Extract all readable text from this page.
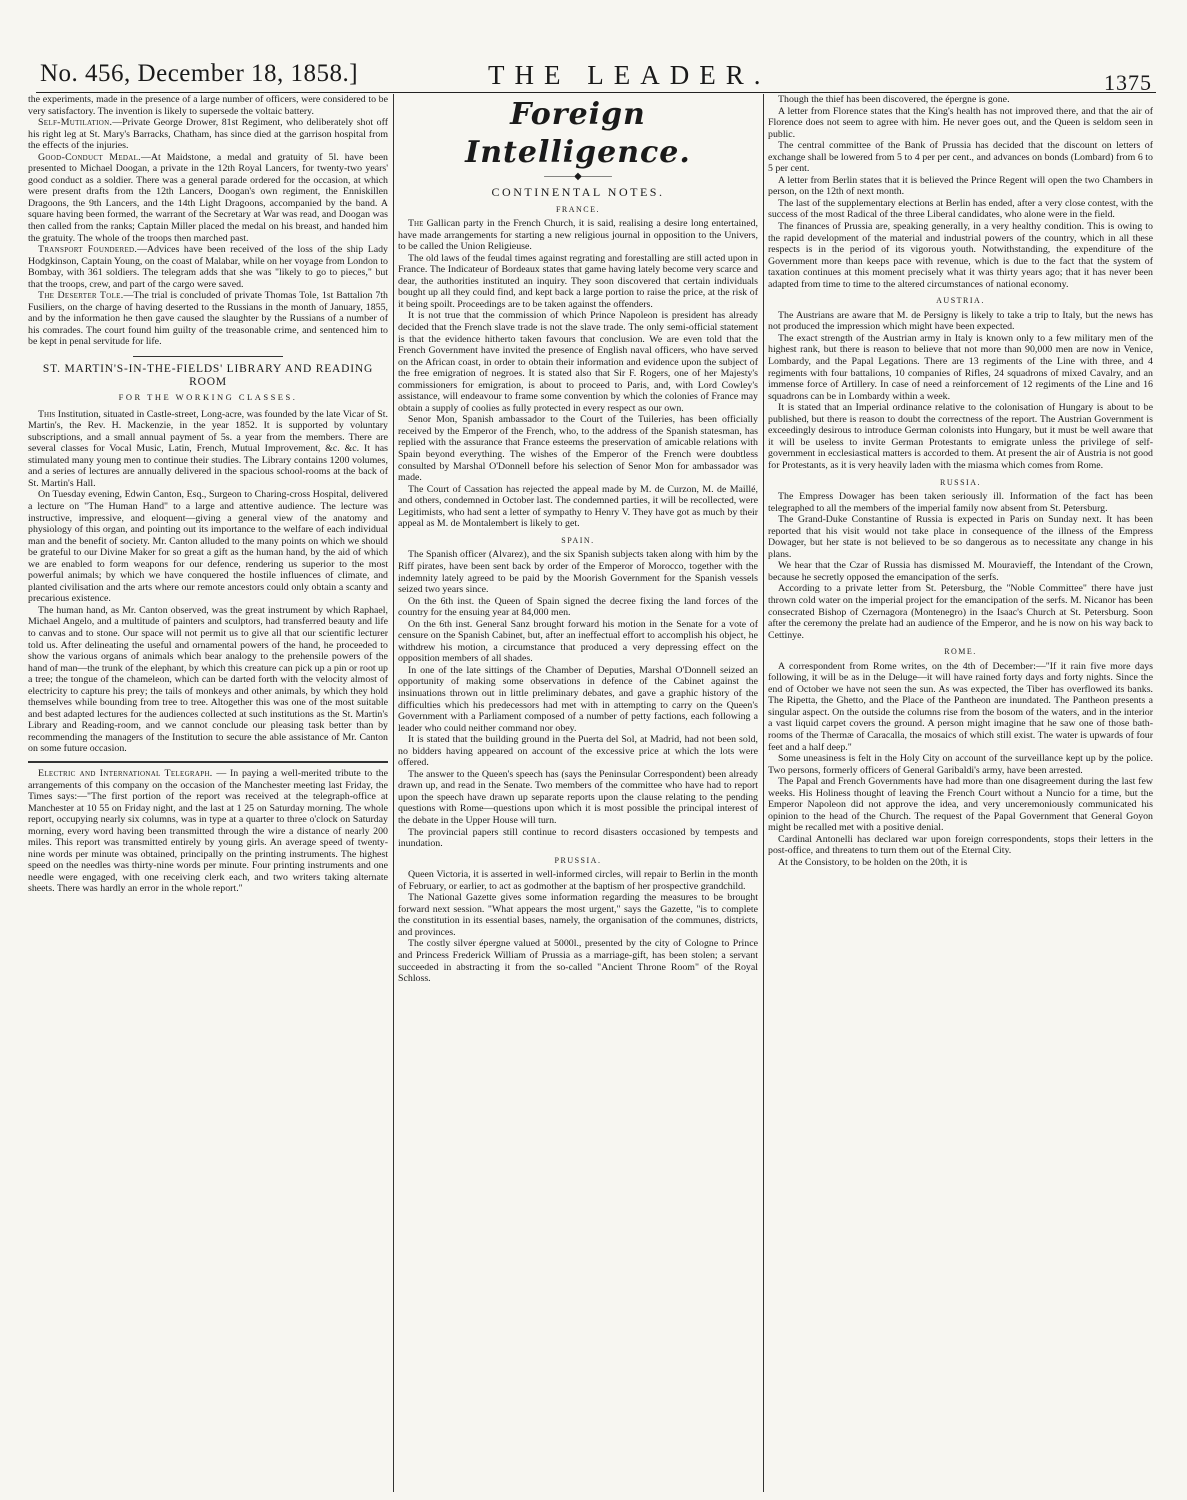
No. 456, December 18, 1858.]	THE LEADER.	1375

the experiments, made in the presence of a large number of officers, were considered to be very satisfactory. The invention is likely to supersede the voltaic battery.

Self-Mutilation.—Private George Drower, 81st Regiment, who deliberately shot off his right leg at St. Mary's Barracks, Chatham, has since died at the garrison hospital from the effects of the injuries.

Good-Conduct Medal.—At Maidstone, a medal and gratuity of 5l. have been presented to Michael Doogan, a private in the 12th Royal Lancers, for twenty-two years' good conduct as a soldier. There was a general parade ordered for the occasion, at which were present drafts from the 12th Lancers, Doogan's own regiment, the Enniskillen Dragoons, the 9th Lancers, and the 14th Light Dragoons, accompanied by the band. A square having been formed, the warrant of the Secretary at War was read, and Doogan was then called from the ranks; Captain Miller placed the medal on his breast, and handed him the gratuity. The whole of the troops then marched past.

Transport Foundered.—Advices have been received of the loss of the ship Lady Hodgkinson, Captain Young, on the coast of Malabar, while on her voyage from London to Bombay, with 361 soldiers. The telegram adds that she was "likely to go to pieces," but that the troops, crew, and part of the cargo were saved.

The Deserter Tole.—The trial is concluded of private Thomas Tole, 1st Battalion 7th Fusiliers, on the charge of having deserted to the Russians in the month of January, 1855, and by the information he then gave caused the slaughter by the Russians of a number of his comrades. The court found him guilty of the treasonable crime, and sentenced him to be kept in penal servitude for life.

ST. MARTIN'S-IN-THE-FIELDS' LIBRARY AND READING ROOM
FOR THE WORKING CLASSES.

This Institution, situated in Castle-street, Long-acre, was founded by the late Vicar of St. Martin's, the Rev. H. Mackenzie, in the year 1852. It is supported by voluntary subscriptions, and a small annual payment of 5s. a year from the members. There are several classes for Vocal Music, Latin, French, Mutual Improvement, &c. &c. It has stimulated many young men to continue their studies. The Library contains 1200 volumes, and a series of lectures are annually delivered in the spacious school-rooms at the back of St. Martin's Hall.

On Tuesday evening, Edwin Canton, Esq., Surgeon to Charing-cross Hospital, delivered a lecture on "The Human Hand" to a large and attentive audience. The lecture was instructive, impressive, and eloquent—giving a general view of the anatomy and physiology of this organ, and pointing out its importance to the welfare of each individual man and the benefit of society. Mr. Canton alluded to the many points on which we should be grateful to our Divine Maker for so great a gift as the human hand, by the aid of which we are enabled to form weapons for our defence, rendering us superior to the most powerful animals; by which we have conquered the hostile influences of climate, and planted civilisation and the arts where our remote ancestors could only obtain a scanty and precarious existence.

The human hand, as Mr. Canton observed, was the great instrument by which Raphael, Michael Angelo, and a multitude of painters and sculptors, had transferred beauty and life to canvas and to stone. Our space will not permit us to give all that our scientific lecturer told us. After delineating the useful and ornamental powers of the hand, he proceeded to show the various organs of animals which bear analogy to the prehensile powers of the hand of man—the trunk of the elephant, by which this creature can pick up a pin or root up a tree; the tongue of the chameleon, which can be darted forth with the velocity almost of electricity to capture his prey; the tails of monkeys and other animals, by which they hold themselves while bounding from tree to tree. Altogether this was one of the most suitable and best adapted lectures for the audiences collected at such institutions as the St. Martin's Library and Reading-room, and we cannot conclude our pleasing task better than by recommending the managers of the Institution to secure the able assistance of Mr. Canton on some future occasion.

Electric and International Telegraph. — In paying a well-merited tribute to the arrangements of this company on the occasion of the Manchester meeting last Friday, the Times says:—"The first portion of the report was received at the telegraph-office at Manchester at 10 55 on Friday night, and the last at 1 25 on Saturday morning. The whole report, occupying nearly six columns, was in type at a quarter to three o'clock on Saturday morning, every word having been transmitted through the wire a distance of nearly 200 miles. This report was transmitted entirely by young girls. An average speed of twenty-nine words per minute was obtained, principally on the printing instruments. The highest speed on the needles was thirty-nine words per minute. Four printing instruments and one needle were engaged, with one receiving clerk each, and two writers taking alternate sheets. There was hardly an error in the whole report."

Foreign Intelligence.
———◆———
CONTINENTAL NOTES.
FRANCE.

The Gallican party in the French Church, it is said, realising a desire long entertained, have made arrangements for starting a new religious journal in opposition to the Univers, to be called the Union Religieuse.

The old laws of the feudal times against regrating and forestalling are still acted upon in France. The Indicateur of Bordeaux states that game having lately become very scarce and dear, the authorities instituted an inquiry. They soon discovered that certain individuals bought up all they could find, and kept back a large portion to raise the price, at the risk of it being spoilt. Proceedings are to be taken against the offenders.

It is not true that the commission of which Prince Napoleon is president has already decided that the French slave trade is not the slave trade. The only semi-official statement is that the evidence hitherto taken favours that conclusion. We are even told that the French Government have invited the presence of English naval officers, who have served on the African coast, in order to obtain their information and evidence upon the subject of the free emigration of negroes. It is stated also that Sir F. Rogers, one of her Majesty's commissioners for emigration, is about to proceed to Paris, and, with Lord Cowley's assistance, will endeavour to frame some convention by which the colonies of France may obtain a supply of coolies as fully protected in every respect as our own.

Senor Mon, Spanish ambassador to the Court of the Tuileries, has been officially received by the Emperor of the French, who, to the address of the Spanish statesman, has replied with the assurance that France esteems the preservation of amicable relations with Spain beyond everything. The wishes of the Emperor of the French were doubtless consulted by Marshal O'Donnell before his selection of Senor Mon for ambassador was made.

The Court of Cassation has rejected the appeal made by M. de Curzon, M. de Maillé, and others, condemned in October last. The condemned parties, it will be recollected, were Legitimists, who had sent a letter of sympathy to Henry V. They have got as much by their appeal as M. de Montalembert is likely to get.

SPAIN.

The Spanish officer (Alvarez), and the six Spanish subjects taken along with him by the Riff pirates, have been sent back by order of the Emperor of Morocco, together with the indemnity lately agreed to be paid by the Moorish Government for the Spanish vessels seized two years since.

On the 6th inst. the Queen of Spain signed the decree fixing the land forces of the country for the ensuing year at 84,000 men.

On the 6th inst. General Sanz brought forward his motion in the Senate for a vote of censure on the Spanish Cabinet, but, after an ineffectual effort to accomplish his object, he withdrew his motion, a circumstance that produced a very depressing effect on the opposition members of all shades.

In one of the late sittings of the Chamber of Deputies, Marshal O'Donnell seized an opportunity of making some observations in defence of the Cabinet against the insinuations thrown out in little preliminary debates, and gave a graphic history of the difficulties which his predecessors had met with in attempting to carry on the Queen's Government with a Parliament composed of a number of petty factions, each following a leader who could neither command nor obey.

It is stated that the building ground in the Puerta del Sol, at Madrid, had not been sold, no bidders having appeared on account of the excessive price at which the lots were offered.

The answer to the Queen's speech has (says the Peninsular Correspondent) been already drawn up, and read in the Senate. Two members of the committee who have had to report upon the speech have drawn up separate reports upon the clause relating to the pending questions with Rome—questions upon which it is most possible the principal interest of the debate in the Upper House will turn.

The provincial papers still continue to record disasters occasioned by tempests and inundation.

PRUSSIA.

Queen Victoria, it is asserted in well-informed circles, will repair to Berlin in the month of February, or earlier, to act as godmother at the baptism of her prospective grandchild.

The National Gazette gives some information regarding the measures to be brought forward next session. "What appears the most urgent," says the Gazette, "is to complete the constitution in its essential bases, namely, the organisation of the communes, districts, and provinces.

The costly silver épergne valued at 5000l., presented by the city of Cologne to Prince and Princess Frederick William of Prussia as a marriage-gift, has been stolen; a servant succeeded in abstracting it from the so-called "Ancient Throne Room" of the Royal Schloss.

Though the thief has been discovered, the épergne is gone.

A letter from Florence states that the King's health has not improved there, and that the air of Florence does not seem to agree with him. He never goes out, and the Queen is seldom seen in public.

The central committee of the Bank of Prussia has decided that the discount on letters of exchange shall be lowered from 5 to 4 per per cent., and advances on bonds (Lombard) from 6 to 5 per cent.

A letter from Berlin states that it is believed the Prince Regent will open the two Chambers in person, on the 12th of next month.

The last of the supplementary elections at Berlin has ended, after a very close contest, with the success of the most Radical of the three Liberal candidates, who alone were in the field.

The finances of Prussia are, speaking generally, in a very healthy condition. This is owing to the rapid development of the material and industrial powers of the country, which in all these respects is in the period of its vigorous youth. Notwithstanding, the expenditure of the Government more than keeps pace with revenue, which is due to the fact that the system of taxation continues at this moment precisely what it was thirty years ago; that it has never been adapted from time to time to the altered circumstances of national economy.

AUSTRIA.

The Austrians are aware that M. de Persigny is likely to take a trip to Italy, but the news has not produced the impression which might have been expected.

The exact strength of the Austrian army in Italy is known only to a few military men of the highest rank, but there is reason to believe that not more than 90,000 men are now in Venice, Lombardy, and the Papal Legations. There are 13 regiments of the Line with three, and 4 regiments with four battalions, 10 companies of Rifles, 24 squadrons of mixed Cavalry, and an immense force of Artillery. In case of need a reinforcement of 12 regiments of the Line and 16 squadrons can be in Lombardy within a week.

It is stated that an Imperial ordinance relative to the colonisation of Hungary is about to be published, but there is reason to doubt the correctness of the report. The Austrian Government is exceedingly desirous to introduce German colonists into Hungary, but it must be well aware that it will be useless to invite German Protestants to emigrate unless the privilege of self-government in ecclesiastical matters is accorded to them. At present the air of Austria is not good for Protestants, as it is very heavily laden with the miasma which comes from Rome.

RUSSIA.

The Empress Dowager has been taken seriously ill. Information of the fact has been telegraphed to all the members of the imperial family now absent from St. Petersburg.

The Grand-Duke Constantine of Russia is expected in Paris on Sunday next. It has been reported that his visit would not take place in consequence of the illness of the Empress Dowager, but her state is not believed to be so dangerous as to necessitate any change in his plans.

We hear that the Czar of Russia has dismissed M. Mouravieff, the Intendant of the Crown, because he secretly opposed the emancipation of the serfs.

According to a private letter from St. Petersburg, the "Noble Committee" there have just thrown cold water on the imperial project for the emancipation of the serfs. M. Nicanor has been consecrated Bishop of Czernagora (Montenegro) in the Isaac's Church at St. Petersburg. Soon after the ceremony the prelate had an audience of the Emperor, and he is now on his way back to Cettinye.

ROME.

A correspondent from Rome writes, on the 4th of December:—"If it rain five more days following, it will be as in the Deluge—it will have rained forty days and forty nights. Since the end of October we have not seen the sun. As was expected, the Tiber has overflowed its banks. The Ripetta, the Ghetto, and the Place of the Pantheon are inundated. The Pantheon presents a singular aspect. On the outside the columns rise from the bosom of the waters, and in the interior a vast liquid carpet covers the ground. A person might imagine that he saw one of those bath-rooms of the Thermæ of Caracalla, the mosaics of which still exist. The water is upwards of four feet and a half deep."

Some uneasiness is felt in the Holy City on account of the surveillance kept up by the police. Two persons, formerly officers of General Garibaldi's army, have been arrested.

The Papal and French Governments have had more than one disagreement during the last few weeks. His Holiness thought of leaving the French Court without a Nuncio for a time, but the Emperor Napoleon did not approve the idea, and very unceremoniously communicated his opinion to the head of the Church. The request of the Papal Government that General Goyon might be recalled met with a positive denial.

Cardinal Antonelli has declared war upon foreign correspondents, stops their letters in the post-office, and threatens to turn them out of the Eternal City.

At the Consistory, to be holden on the 20th, it is
